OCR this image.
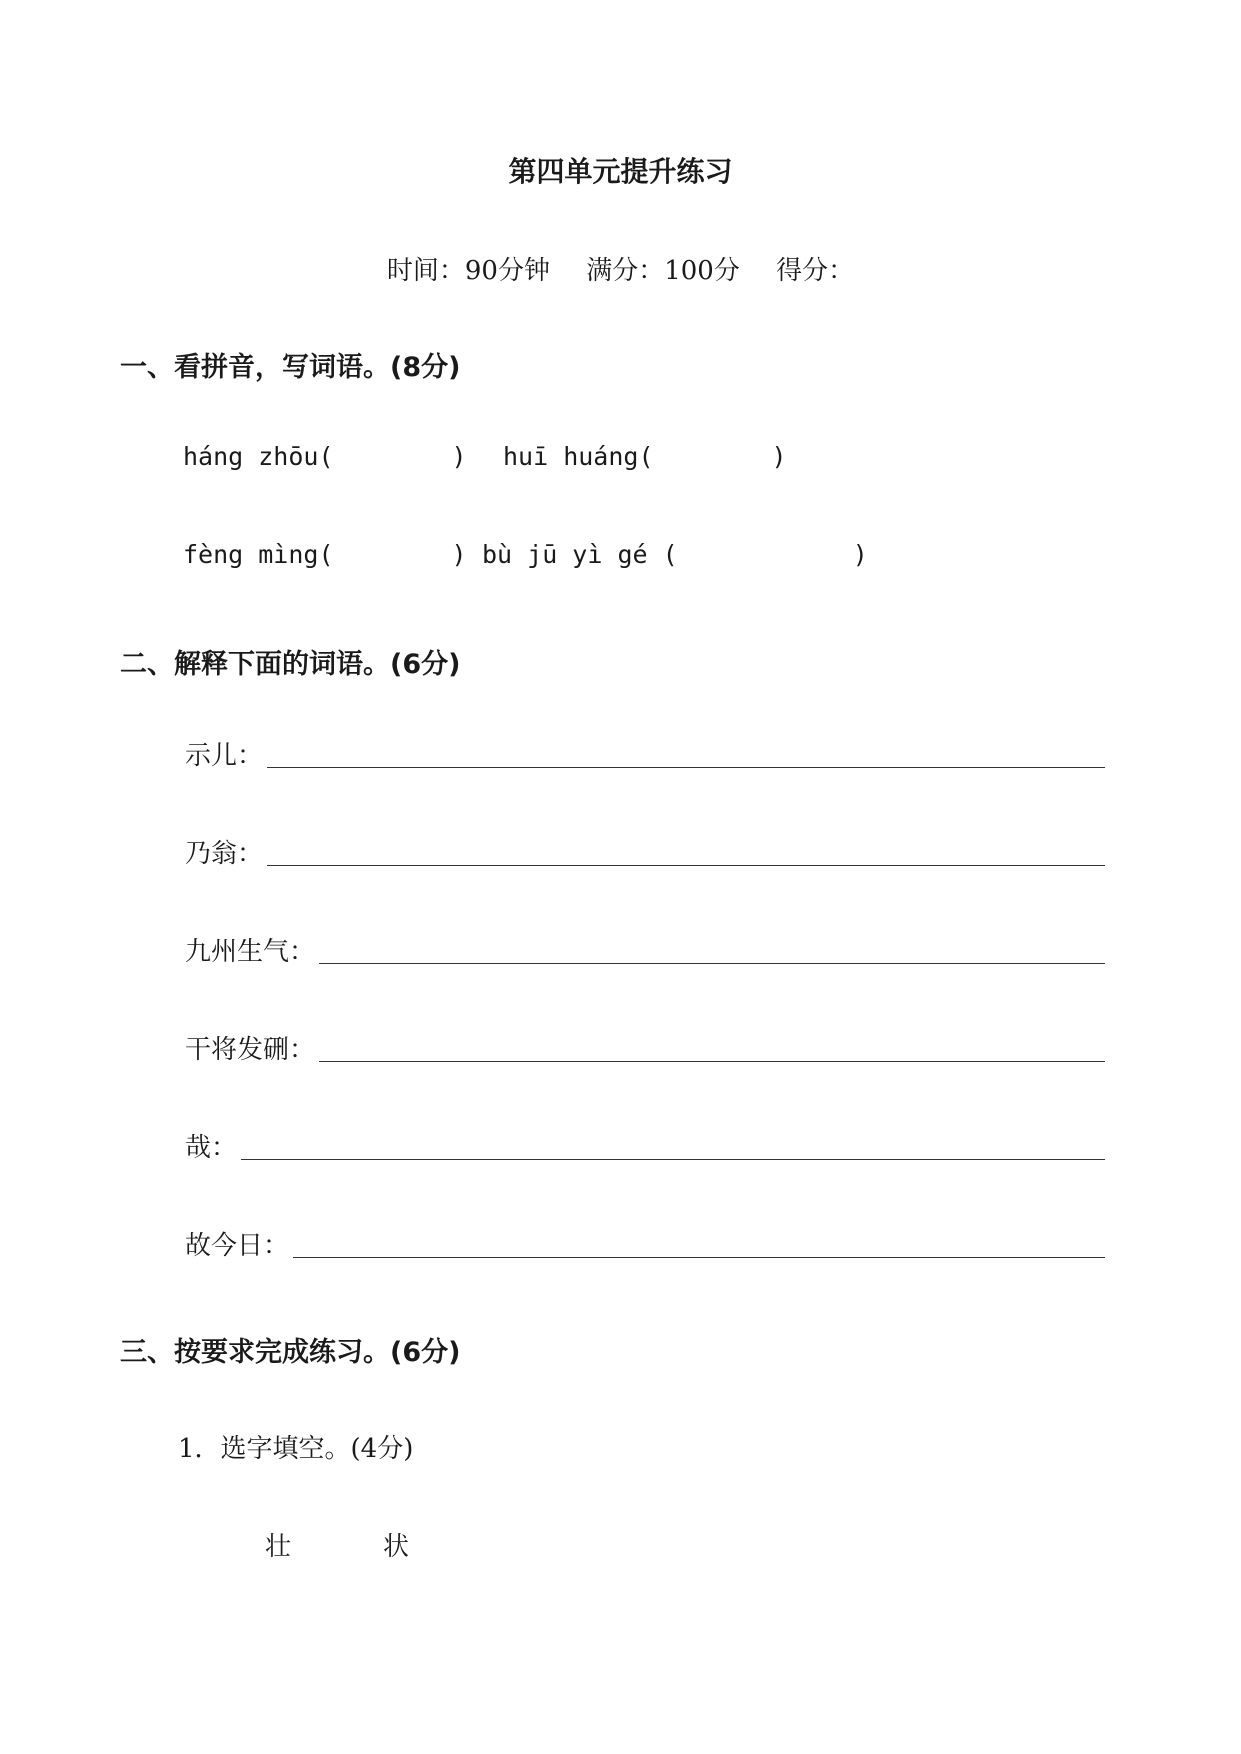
第四单元提升练习
时间：90分钟 满分：100分 得分：
一、看拼音，写词语。(8分)
háng zhōu(	) huī huáng(	)
fèng mìng(	) bù jū yì gé (	)
二、解释下面的词语。(6分)
示儿：
乃翁：
九州生气：
干将发硎：
哉：
故今日：
三、按要求完成练习。(6分)
1．选字填空。(4分)
壮	状
